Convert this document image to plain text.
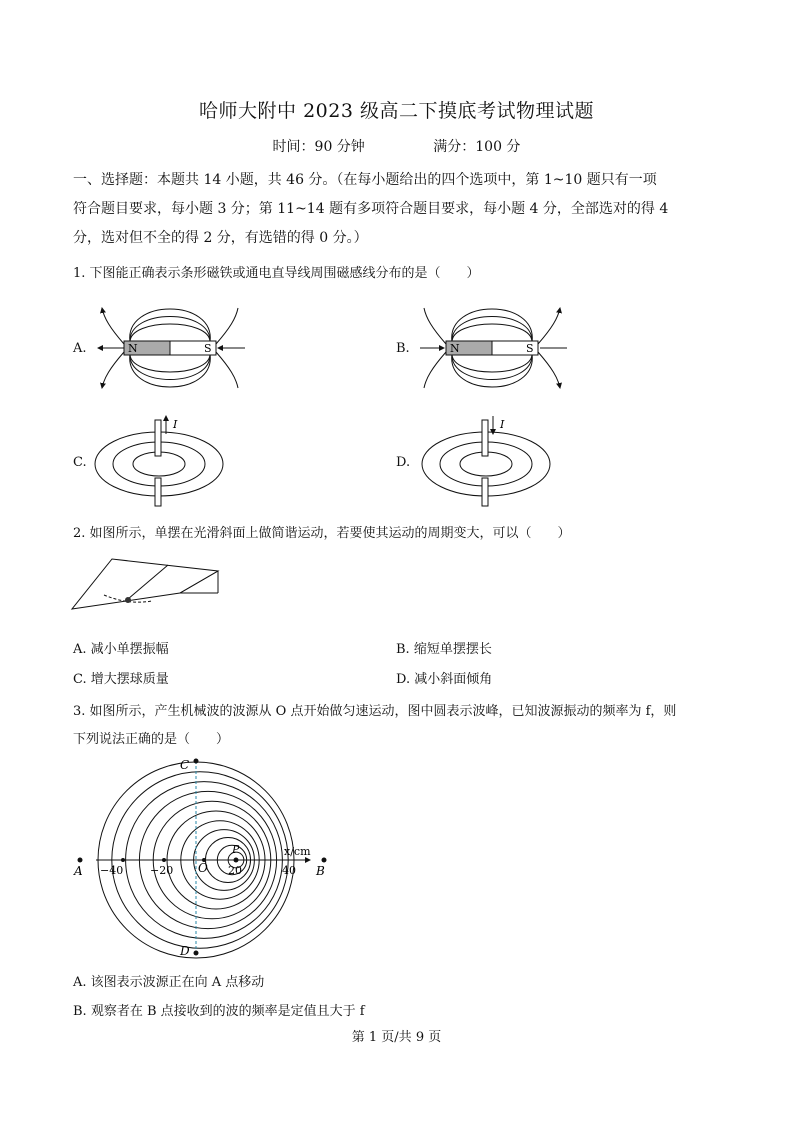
哈师大附中 2023 级高二下摸底考试物理试题
时间：90 分钟	满分：100 分
一、选择题：本题共 14 小题，共 46 分。（在每小题给出的四个选项中，第 1~10 题只有一项
符合题目要求，每小题 3 分；第 11~14 题有多项符合题目要求，每小题 4 分，全部选对的得 4
分，选对但不全的得 2 分，有选错的得 0 分。）
1. 下图能正确表示条形磁铁或通电直导线周围磁感线分布的是（　　）
A.	B.
C.	D.
N	S	N	S
I	I
2. 如图所示，单摆在光滑斜面上做简谐运动，若要使其运动的周期变大，可以（　　）
A. 减小单摆振幅	B. 缩短单摆摆长
C. 增大摆球质量	D. 减小斜面倾角
3. 如图所示，产生机械波的波源从 O 点开始做匀速运动，图中圆表示波峰，已知波源振动的频率为 f，则
下列说法正确的是（　　）
A	B
C
D
O
P	x/cm
−40 −20	20	40
A. 该图表示波源正在向 A 点移动
B. 观察者在 B 点接收到的波的频率是定值且大于 f
第 1 页/共 9 页
